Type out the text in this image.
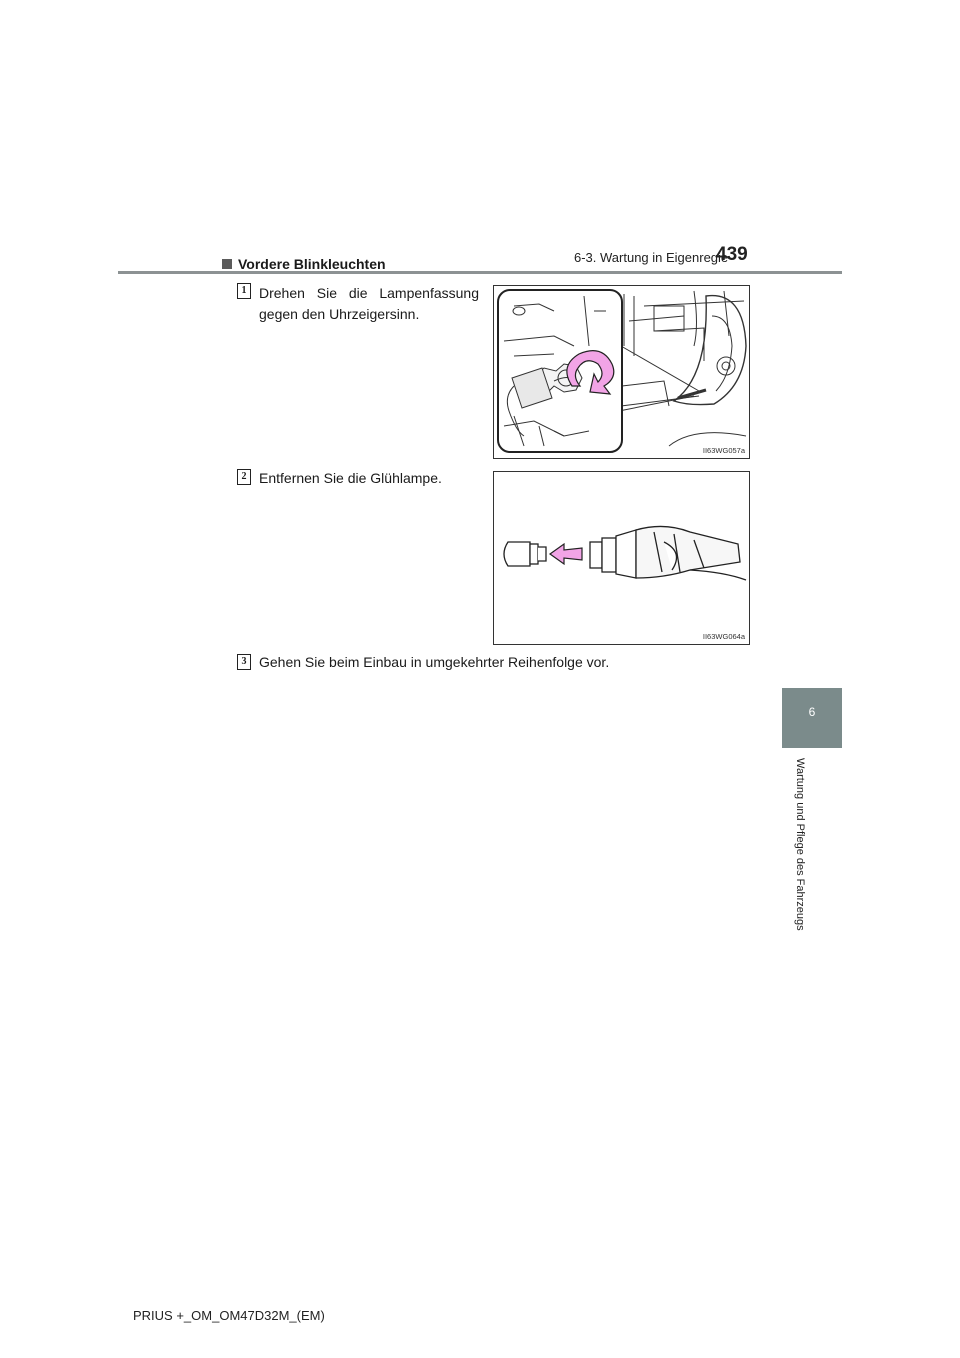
6-3. Wartung in Eigenregie
439
Vordere Blinkleuchten
1 Drehen Sie die Lampenfassung
gegen den Uhrzeigersinn.
II63WG057a
2 Entfernen Sie die Glühlampe.
II63WG064a
3 Gehen Sie beim Einbau in umgekehrter Reihenfolge vor.
6
Wartung und Pflege des Fahrzeugs
PRIUS +_OM_OM47D32M_(EM)
